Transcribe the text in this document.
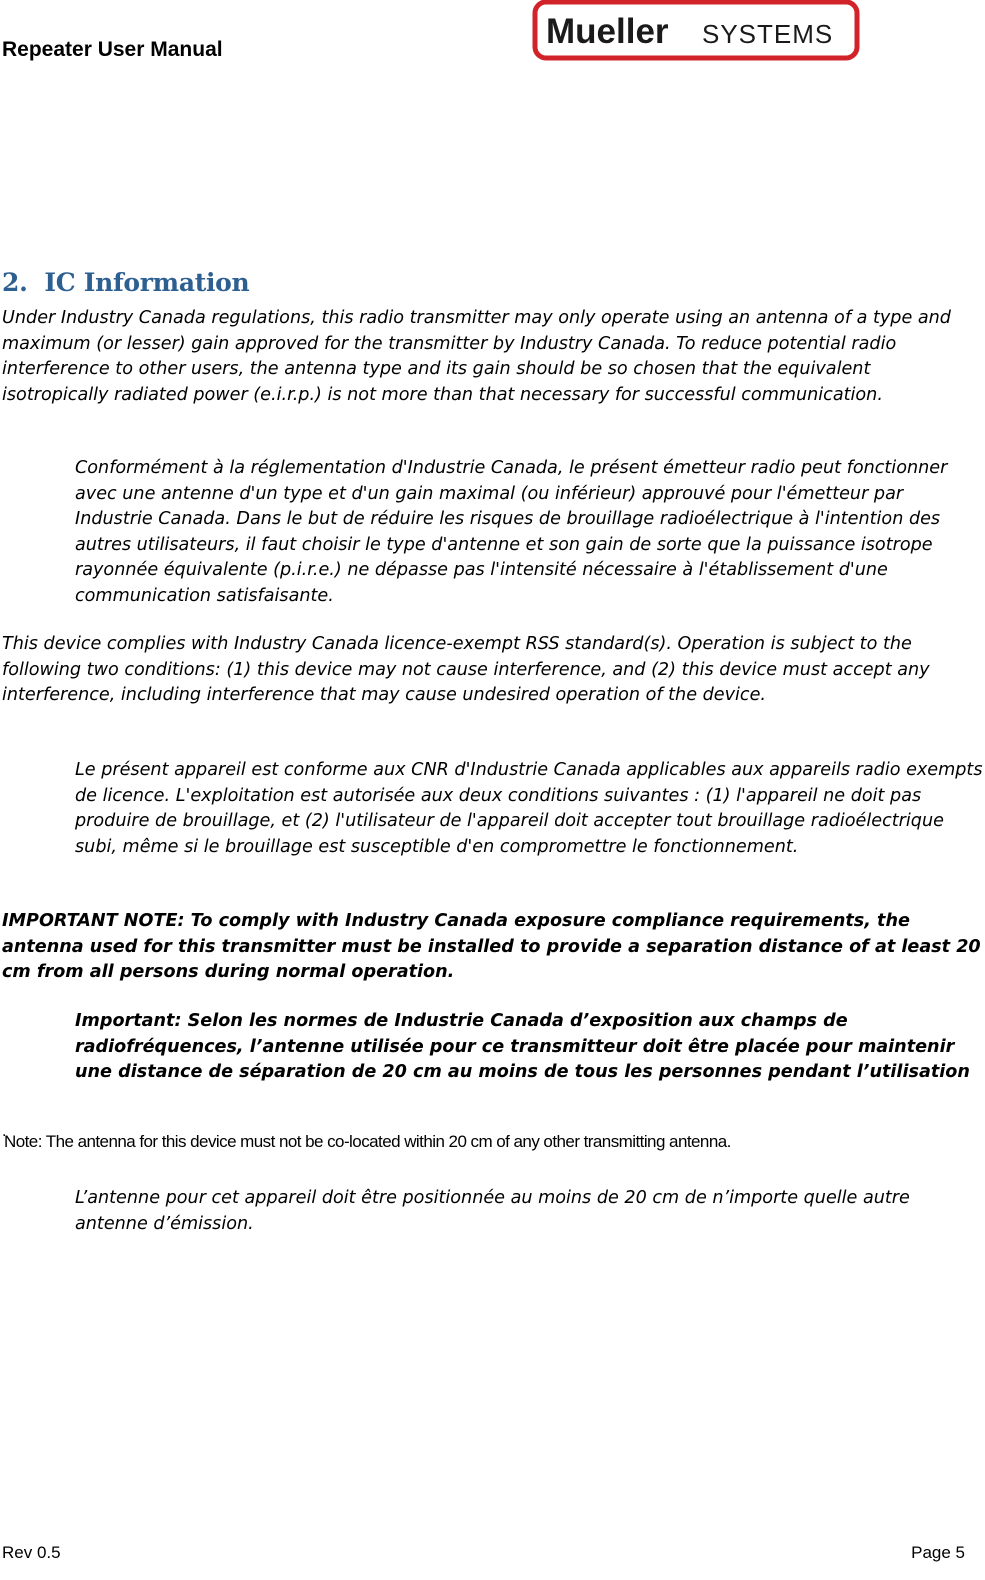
Repeater User Manual	Mueller SYSTEMS
2. IC Information

Under Industry Canada regulations, this radio transmitter may only operate using an antenna of a type and maximum (or lesser) gain approved for the transmitter by Industry Canada. To reduce potential radio interference to other users, the antenna type and its gain should be so chosen that the equivalent isotropically radiated power (e.i.r.p.) is not more than that necessary for successful communication.

Conformément à la réglementation d'Industrie Canada, le présent émetteur radio peut fonctionner avec une antenne d'un type et d'un gain maximal (ou inférieur) approuvé pour l'émetteur par Industrie Canada. Dans le but de réduire les risques de brouillage radioélectrique à l'intention des autres utilisateurs, il faut choisir le type d'antenne et son gain de sorte que la puissance isotrope rayonnée équivalente (p.i.r.e.) ne dépasse pas l'intensité nécessaire à l'établissement d'une communication satisfaisante.

This device complies with Industry Canada licence-exempt RSS standard(s). Operation is subject to the following two conditions: (1) this device may not cause interference, and (2) this device must accept any interference, including interference that may cause undesired operation of the device.

Le présent appareil est conforme aux CNR d'Industrie Canada applicables aux appareils radio exempts de licence. L'exploitation est autorisée aux deux conditions suivantes : (1) l'appareil ne doit pas produire de brouillage, et (2) l'utilisateur de l'appareil doit accepter tout brouillage radioélectrique subi, même si le brouillage est susceptible d'en compromettre le fonctionnement.

IMPORTANT NOTE: To comply with Industry Canada exposure compliance requirements, the antenna used for this transmitter must be installed to provide a separation distance of at least 20 cm from all persons during normal operation.

Important: Selon les normes de Industrie Canada d’exposition aux champs de radiofréquences, l’antenne utilisée pour ce transmitteur doit être placée pour maintenir une distance de séparation de 20 cm au moins de tous les personnes pendant l’utilisation

.
Note: The antenna for this device must not be co-located within 20 cm of any other transmitting antenna.

L’antenne pour cet appareil doit être positionnée au moins de 20 cm de n’importe quelle autre antenne d’émission.

Rev 0.5	Page 5
